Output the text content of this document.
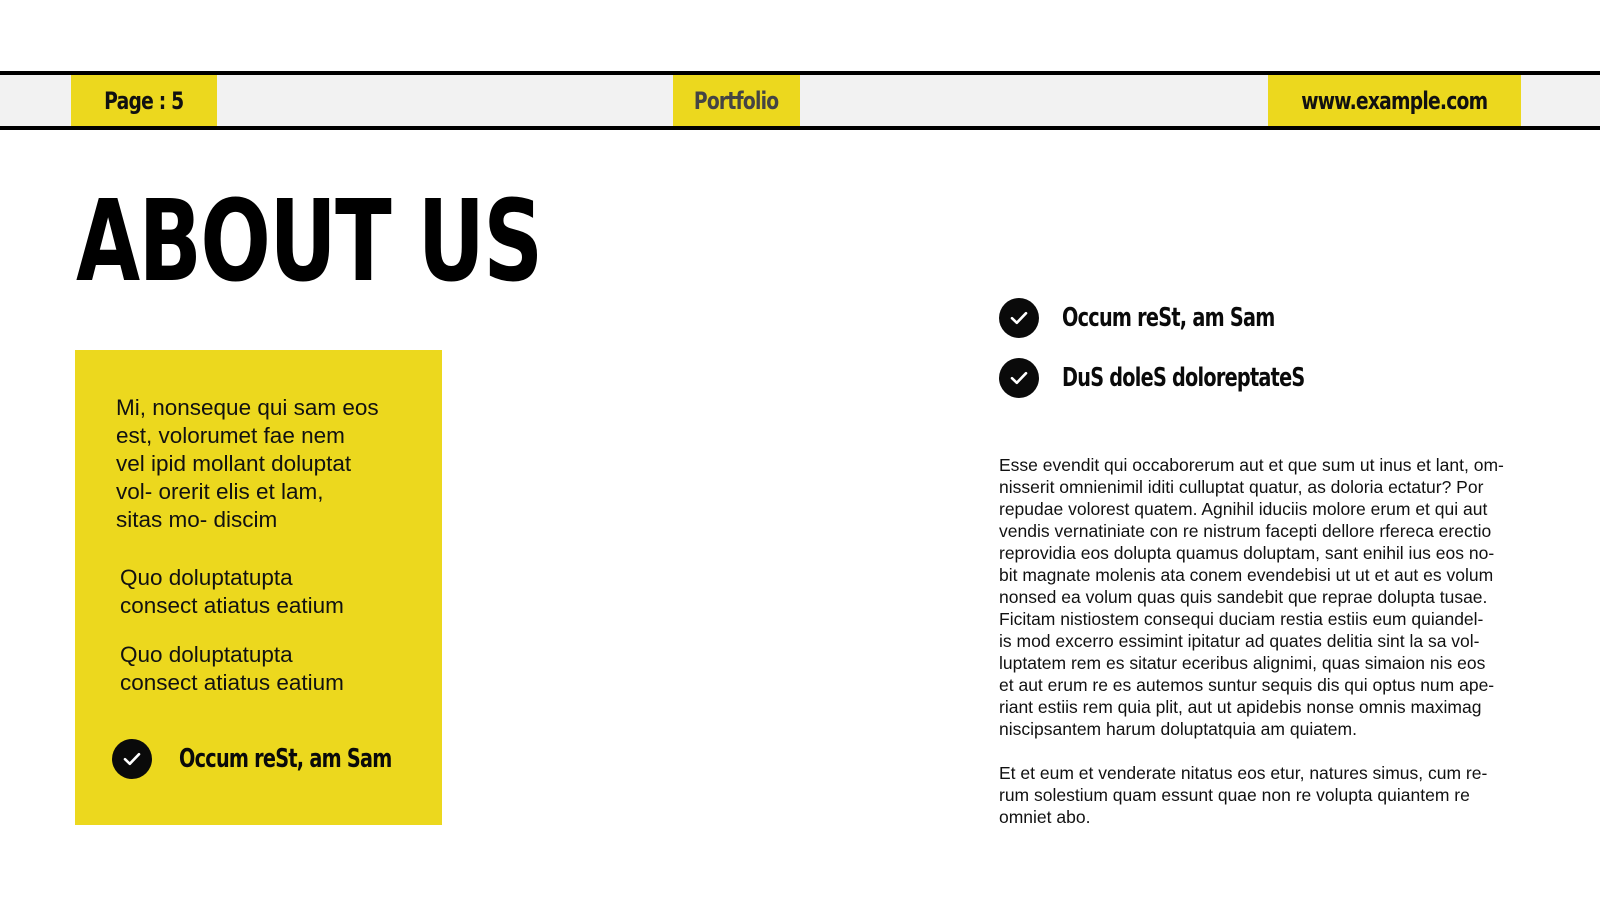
Page : 5	Portfolio	www.example.com
ABOUT US
Mi, nonseque qui sam eos
est, volorumet fae nem
vel ipid mollant doluptat
vol- orerit elis et lam,
sitas mo- discim
Quo doluptatupta
consect atiatus eatium
Quo doluptatupta
consect atiatus eatium
Occum reSt, am Sam
Occum reSt, am Sam
DuS doleS doloreptateS
Esse evendit qui occaborerum aut et que sum ut inus et lant, om-
nisserit omnienimil iditi culluptat quatur, as doloria ectatur? Por
repudae volorest quatem. Agnihil iduciis molore erum et qui aut
vendis vernatiniate con re nistrum facepti dellore rfereca erectio
reprovidia eos dolupta quamus doluptam, sant enihil ius eos no-
bit magnate molenis ata conem evendebisi ut ut et aut es volum
nonsed ea volum quas quis sandebit que reprae dolupta tusae.
Ficitam nistiostem consequi duciam restia estiis eum quiandel-
is mod excerro essimint ipitatur ad quates delitia sint la sa vol-
luptatem rem es sitatur eceribus alignimi, quas simaion nis eos
et aut erum re es autemos suntur sequis dis qui optus num ape-
riant estiis rem quia plit, aut ut apidebis nonse omnis maximag
niscipsantem harum doluptatquia am quiatem.
Et et eum et venderate nitatus eos etur, natures simus, cum re-
rum solestium quam essunt quae non re volupta quiantem re
omniet abo.
